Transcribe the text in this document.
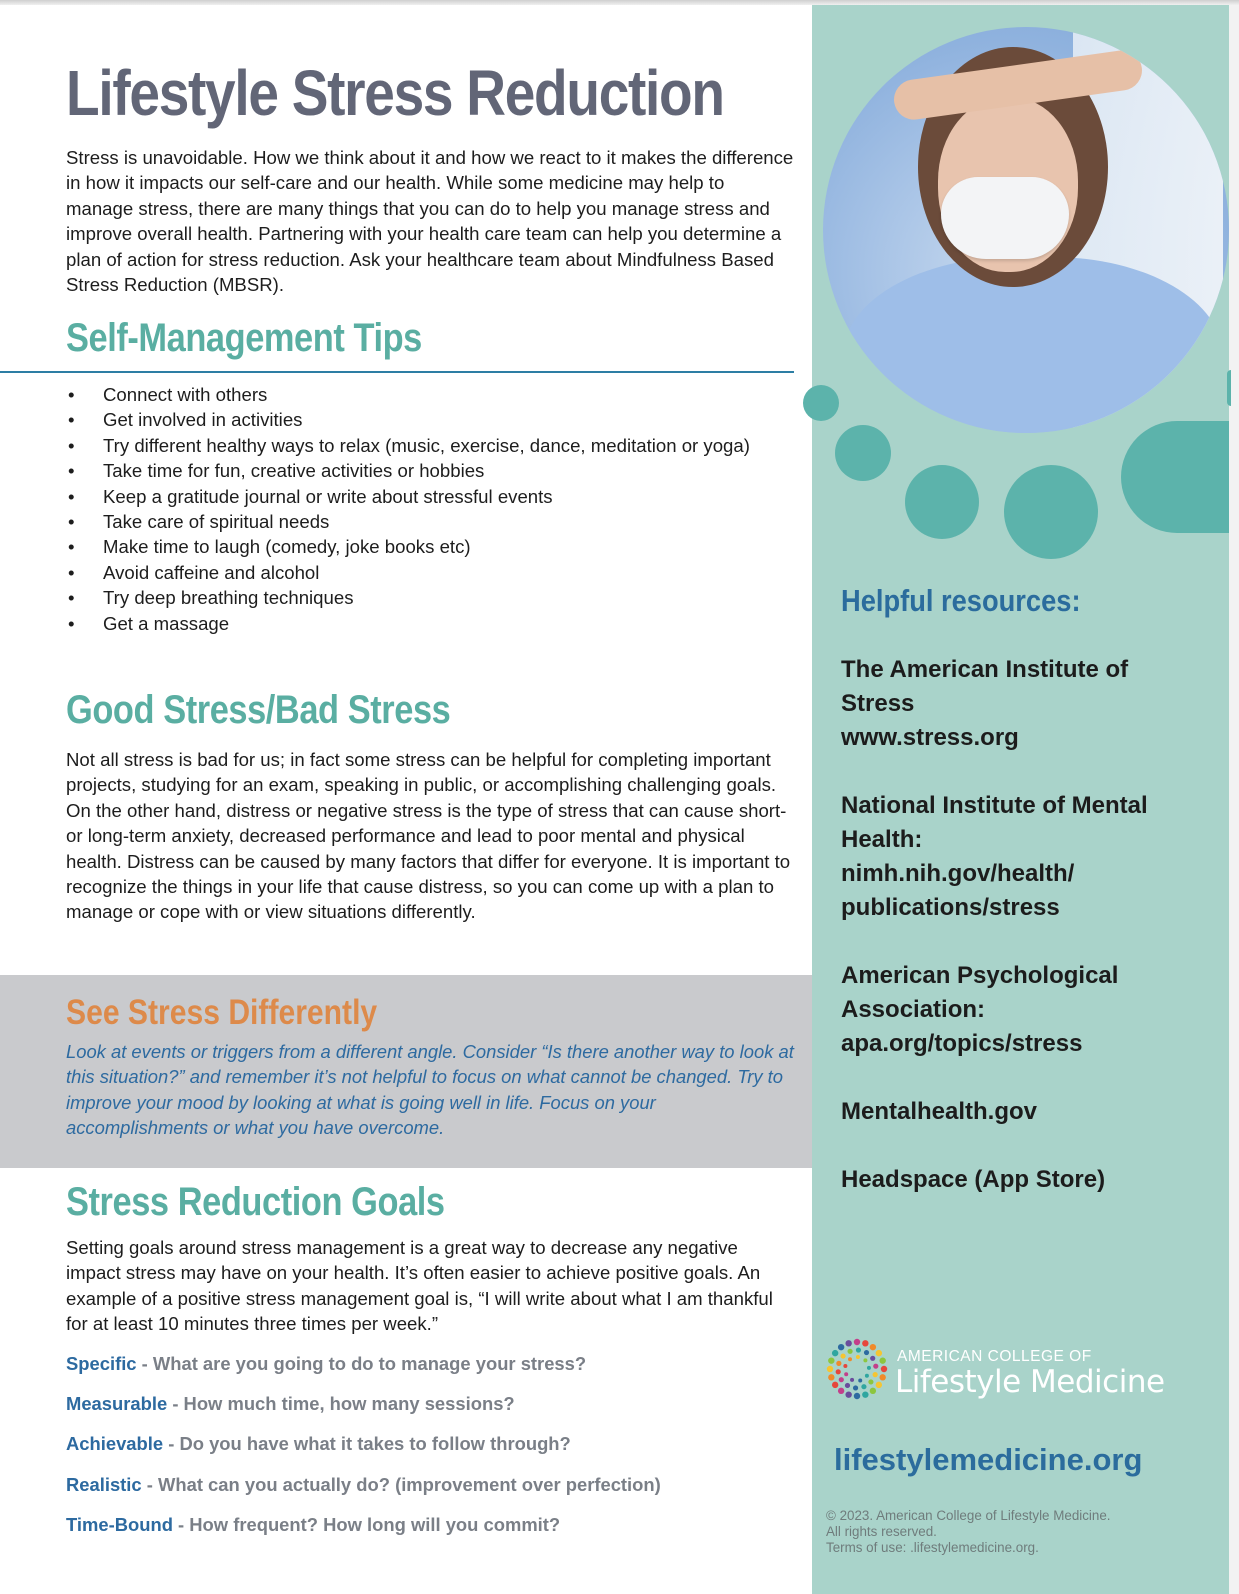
Lifestyle Stress Reduction

Stress is unavoidable. How we think about it and how we react to it makes the difference in how it impacts our self-care and our health. While some medicine may help to manage stress, there are many things that you can do to help you manage stress and improve overall health. Partnering with your health care team can help you determine a plan of action for stress reduction. Ask your healthcare team about Mindfulness Based Stress Reduction (MBSR).

Self-Management Tips
• Connect with others
• Get involved in activities
• Try different healthy ways to relax (music, exercise, dance, meditation or yoga)
• Take time for fun, creative activities or hobbies
• Keep a gratitude journal or write about stressful events
• Take care of spiritual needs
• Make time to laugh (comedy, joke books etc)
• Avoid caffeine and alcohol
• Try deep breathing techniques
• Get a massage
Good Stress/Bad Stress

Not all stress is bad for us; in fact some stress can be helpful for completing important projects, studying for an exam, speaking in public, or accomplishing challenging goals. On the other hand, distress or negative stress is the type of stress that can cause short- or long-term anxiety, decreased performance and lead to poor mental and physical health. Distress can be caused by many factors that differ for everyone. It is important to recognize the things in your life that cause distress, so you can come up with a plan to manage or cope with or view situations differently.

See Stress Differently

Look at events or triggers from a different angle. Consider “Is there another way to look at this situation?” and remember it’s not helpful to focus on what cannot be changed. Try to improve your mood by looking at what is going well in life. Focus on your accomplishments or what you have overcome.

Stress Reduction Goals

Setting goals around stress management is a great way to decrease any negative impact stress may have on your health. It’s often easier to achieve positive goals. An example of a positive stress management goal is, “I will write about what I am thankful for at least 10 minutes three times per week.”

Specific - What are you going to do to manage your stress?

Measurable - How much time, how many sessions?

Achievable - Do you have what it takes to follow through?

Realistic - What can you actually do? (improvement over perfection)

Time-Bound - How frequent? How long will you commit?

Helpful resources:

The American Institute of
Stress
www.stress.org

National Institute of Mental
Health:
nimh.nih.gov/health/
publications/stress

American Psychological
Association:
apa.org/topics/stress

Mentalhealth.gov

Headspace (App Store)

AMERICAN COLLEGE OF

Lifestyle Medicine

lifestylemedicine.org

© 2023. American College of Lifestyle Medicine.
All rights reserved.
Terms of use: .lifestylemedicine.org.
